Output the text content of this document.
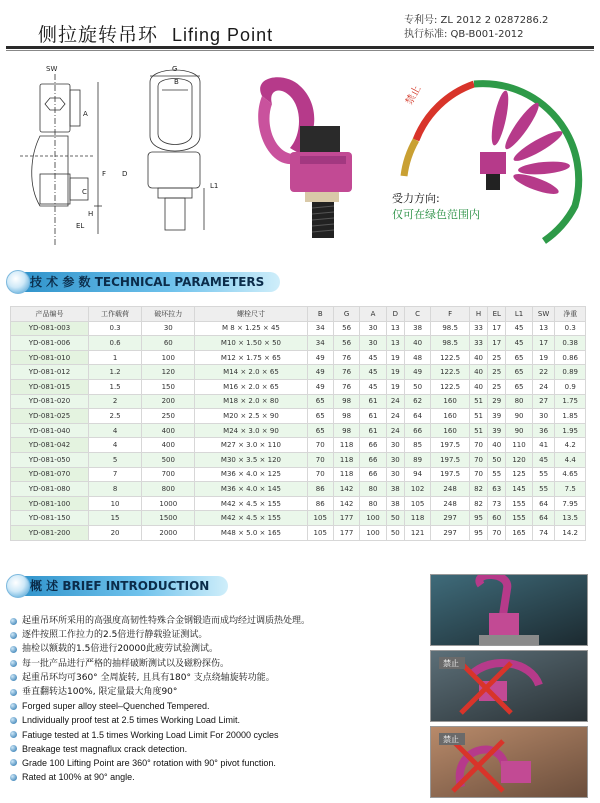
侧拉旋转吊环 Lifing Point
专利号: ZL 2012 2 0287286.2
执行标准: QB-B001-2012
SW
A
F
C
EL
H
G
B
D
L1
禁止
受力方向:
仅可在绿色范围内
技 术 参 数 TECHNICAL PARAMETERS
产品编号	工作载荷	破坏拉力	螺栓尺寸	B	G	A	D	C	F	H	EL	L1	SW	净重
YD-081-003	0.3	30	M 8 × 1.25 × 45	34	56	30	13	38	98.5	33	17	45	13	0.3
YD-081-006	0.6	60	M10 × 1.50 × 50	34	56	30	13	40	98.5	33	17	45	17	0.38
YD-081-010	1	100	M12 × 1.75 × 65	49	76	45	19	48	122.5	40	25	65	19	0.86
YD-081-012	1.2	120	M14 × 2.0 × 65	49	76	45	19	49	122.5	40	25	65	22	0.89
YD-081-015	1.5	150	M16 × 2.0 × 65	49	76	45	19	50	122.5	40	25	65	24	0.9
YD-081-020	2	200	M18 × 2.0 × 80	65	98	61	24	62	160	51	29	80	27	1.75
YD-081-025	2.5	250	M20 × 2.5 × 90	65	98	61	24	64	160	51	39	90	30	1.85
YD-081-040	4	400	M24 × 3.0 × 90	65	98	61	24	66	160	51	39	90	36	1.95
YD-081-042	4	400	M27 × 3.0 × 110	70	118	66	30	85	197.5	70	40	110	41	4.2
YD-081-050	5	500	M30 × 3.5 × 120	70	118	66	30	89	197.5	70	50	120	45	4.4
YD-081-070	7	700	M36 × 4.0 × 125	70	118	66	30	94	197.5	70	55	125	55	4.65
YD-081-080	8	800	M36 × 4.0 × 145	86	142	80	38	102	248	82	63	145	55	7.5
YD-081-100	10	1000	M42 × 4.5 × 155	86	142	80	38	105	248	82	73	155	64	7.95
YD-081-150	15	1500	M42 × 4.5 × 155	105	177	100	50	118	297	95	60	155	64	13.5
YD-081-200	20	2000	M48 × 5.0 × 165	105	177	100	50	121	297	95	70	165	74	14.2
概 述 BRIEF INTRODUCTION
起重吊环所采用的高强度高韧性特殊合金钢锻造而成均经过调质热处理。
逐件按照工作拉力的2.5倍进行静载验证测试。
抽检以额载的1.5倍进行20000此疲劳试验测试。
每一批产品进行严格的抽样破断测试以及磁粉探伤。
起重吊环均可360° 全周旋转, 且具有180° 支点绕轴旋转功能。
垂直翻转达100%, 限定量最大角度90°
Forged super alloy steel–Quenched Tempered.
Lndividually proof test at 2.5 times Working Load Limit.
Fatiuge tested at 1.5 times Working Load Limit For 20000 cycles
Breakage test magnaflux crack detection.
Grade 100 Lifting Point are 360° rotation with 90° pivot function.
Rated at 100% at 90° angle.
禁止
禁止
